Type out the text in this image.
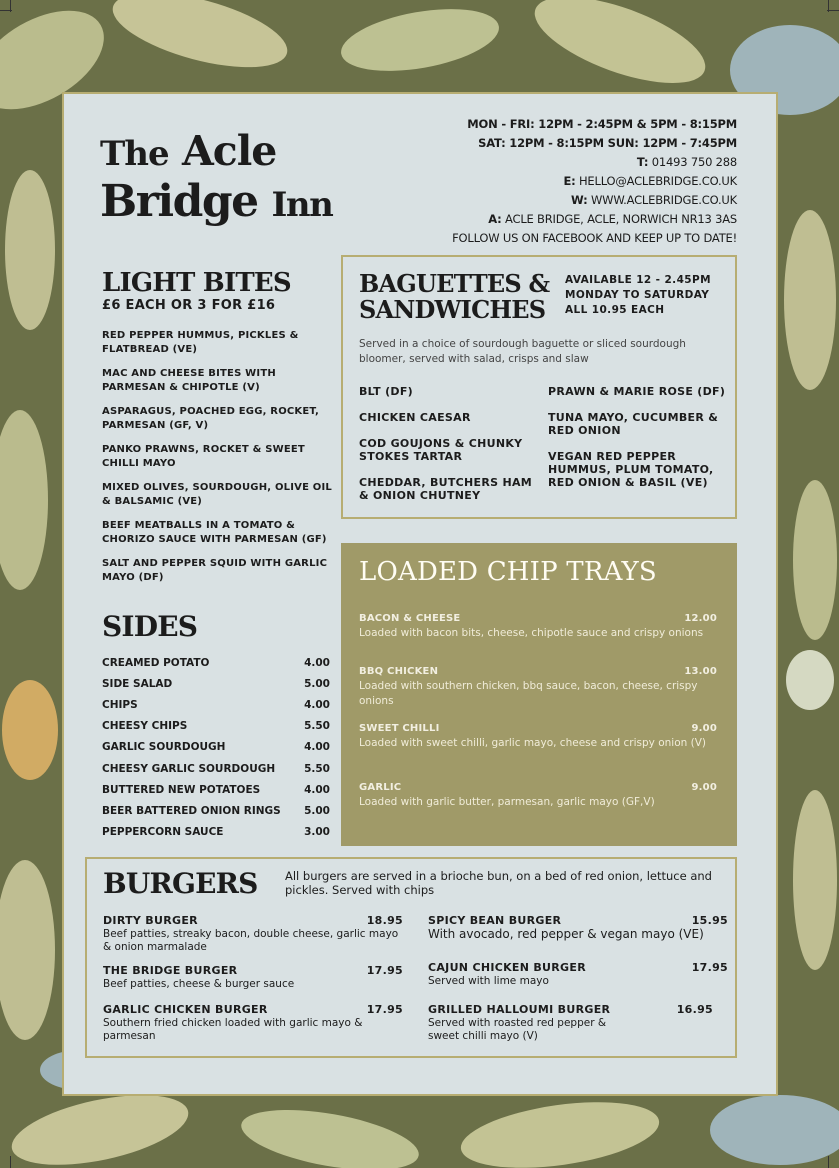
The Acle
Bridge Inn
MON - FRI: 12PM - 2:45PM & 5PM - 8:15PM
SAT: 12PM - 8:15PM SUN: 12PM - 7:45PM
T: 01493 750 288
E: HELLO@ACLEBRIDGE.CO.UK
W: WWW.ACLEBRIDGE.CO.UK
A: ACLE BRIDGE, ACLE, NORWICH NR13 3AS
FOLLOW US ON FACEBOOK AND KEEP UP TO DATE!
LIGHT BITES
£6 EACH OR 3 FOR £16
RED PEPPER HUMMUS, PICKLES & FLATBREAD (VE)
MAC AND CHEESE BITES WITH PARMESAN & CHIPOTLE (V)
ASPARAGUS, POACHED EGG, ROCKET, PARMESAN (GF, V)
PANKO PRAWNS, ROCKET & SWEET CHILLI MAYO
MIXED OLIVES, SOURDOUGH, OLIVE OIL & BALSAMIC (VE)
BEEF MEATBALLS IN A TOMATO & CHORIZO SAUCE WITH PARMESAN (GF)
SALT AND PEPPER SQUID WITH GARLIC MAYO (DF)
SIDES
CREAMED POTATO	4.00
SIDE SALAD	5.00
CHIPS	4.00
CHEESY CHIPS	5.50
GARLIC SOURDOUGH	4.00
CHEESY GARLIC SOURDOUGH	5.50
BUTTERED NEW POTATOES	4.00
BEER BATTERED ONION RINGS 5.00
PEPPERCORN SAUCE	3.00
BAGUETTES &
SANDWICHES
AVAILABLE 12 - 2.45PM
MONDAY TO SATURDAY
ALL 10.95 EACH
Served in a choice of sourdough baguette or sliced sourdough bloomer, served with salad, crisps and slaw
BLT (DF)
CHICKEN CAESAR
COD GOUJONS & CHUNKY STOKES TARTAR
CHEDDAR, BUTCHERS HAM & ONION CHUTNEY
PRAWN & MARIE ROSE (DF)
TUNA MAYO, CUCUMBER & RED ONION
VEGAN RED PEPPER HUMMUS, PLUM TOMATO, RED ONION & BASIL (VE)
LOADED CHIP TRAYS
BACON & CHEESE	12.00
Loaded with bacon bits, cheese, chipotle sauce and crispy onions
BBQ CHICKEN	13.00
Loaded with southern chicken, bbq sauce, bacon, cheese, crispy onions
SWEET CHILLI	9.00
Loaded with sweet chilli, garlic mayo, cheese and crispy onion (V)
GARLIC	9.00
Loaded with garlic butter, parmesan, garlic mayo (GF,V)
BURGERS All burgers are served in a brioche bun, on a bed of red onion, lettuce and pickles. Served with chips
DIRTY BURGER	18.95
Beef patties, streaky bacon, double cheese, garlic mayo & onion marmalade
THE BRIDGE BURGER	17.95
Beef patties, cheese & burger sauce
GARLIC CHICKEN BURGER	17.95
Southern fried chicken loaded with garlic mayo & parmesan
SPICY BEAN BURGER	15.95
With avocado, red pepper & vegan mayo (VE)
CAJUN CHICKEN BURGER	17.95
Served with lime mayo
GRILLED HALLOUMI BURGER	16.95
Served with roasted red pepper & sweet chilli mayo (V)
